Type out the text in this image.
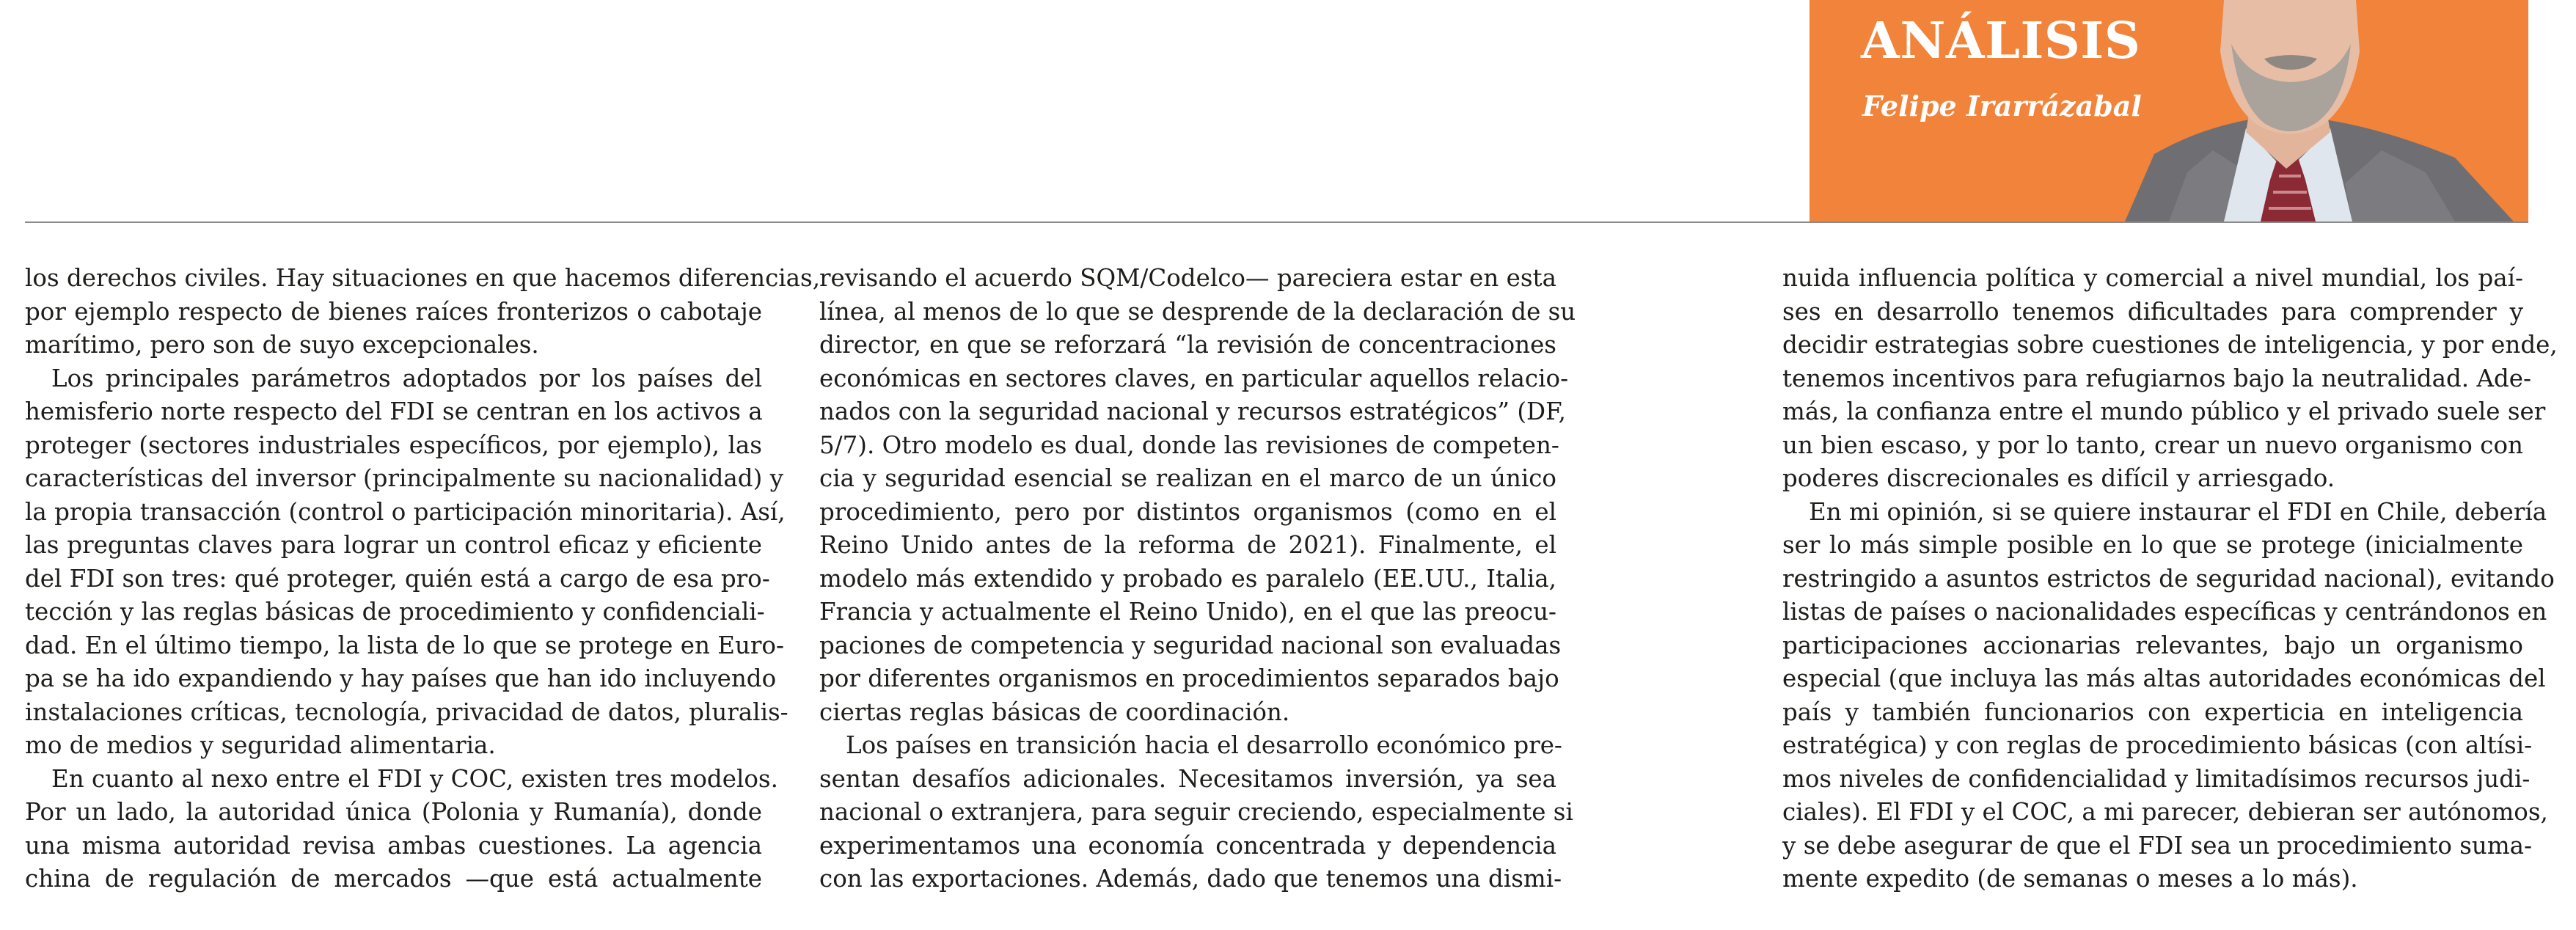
ANÁLISIS
Felipe Irarrázabal
los derechos civiles. Hay situaciones en que hacemos diferencias,
por ejemplo respecto de bienes raíces fronterizos o cabotaje
marítimo, pero son de suyo excepcionales.
Los principales parámetros adoptados por los países del
hemisferio norte respecto del FDI se centran en los activos a
proteger (sectores industriales específicos, por ejemplo), las
características del inversor (principalmente su nacionalidad) y
la propia transacción (control o participación minoritaria). Así,
las preguntas claves para lograr un control eficaz y eficiente
del FDI son tres: qué proteger, quién está a cargo de esa pro-
tección y las reglas básicas de procedimiento y confidenciali-
dad. En el último tiempo, la lista de lo que se protege en Euro-
pa se ha ido expandiendo y hay países que han ido incluyendo
instalaciones críticas, tecnología, privacidad de datos, pluralis-
mo de medios y seguridad alimentaria.
En cuanto al nexo entre el FDI y COC, existen tres modelos.
Por un lado, la autoridad única (Polonia y Rumanía), donde
una misma autoridad revisa ambas cuestiones. La agencia
china de regulación de mercados —que está actualmente
revisando el acuerdo SQM/Codelco— pareciera estar en esta
línea, al menos de lo que se desprende de la declaración de su
director, en que se reforzará “la revisión de concentraciones
económicas en sectores claves, en particular aquellos relacio-
nados con la seguridad nacional y recursos estratégicos” (DF,
5/7). Otro modelo es dual, donde las revisiones de competen-
cia y seguridad esencial se realizan en el marco de un único
procedimiento, pero por distintos organismos (como en el
Reino Unido antes de la reforma de 2021). Finalmente, el
modelo más extendido y probado es paralelo (EE.UU., Italia,
Francia y actualmente el Reino Unido), en el que las preocu-
paciones de competencia y seguridad nacional son evaluadas
por diferentes organismos en procedimientos separados bajo
ciertas reglas básicas de coordinación.
Los países en transición hacia el desarrollo económico pre-
sentan desafíos adicionales. Necesitamos inversión, ya sea
nacional o extranjera, para seguir creciendo, especialmente si
experimentamos una economía concentrada y dependencia
con las exportaciones. Además, dado que tenemos una dismi-
nuida influencia política y comercial a nivel mundial, los paí-
ses en desarrollo tenemos dificultades para comprender y
decidir estrategias sobre cuestiones de inteligencia, y por ende,
tenemos incentivos para refugiarnos bajo la neutralidad. Ade-
más, la confianza entre el mundo público y el privado suele ser
un bien escaso, y por lo tanto, crear un nuevo organismo con
poderes discrecionales es difícil y arriesgado.
En mi opinión, si se quiere instaurar el FDI en Chile, debería
ser lo más simple posible en lo que se protege (inicialmente
restringido a asuntos estrictos de seguridad nacional), evitando
listas de países o nacionalidades específicas y centrándonos en
participaciones accionarias relevantes, bajo un organismo
especial (que incluya las más altas autoridades económicas del
país y también funcionarios con experticia en inteligencia
estratégica) y con reglas de procedimiento básicas (con altísi-
mos niveles de confidencialidad y limitadísimos recursos judi-
ciales). El FDI y el COC, a mi parecer, debieran ser autónomos,
y se debe asegurar de que el FDI sea un procedimiento suma-
mente expedito (de semanas o meses a lo más).
